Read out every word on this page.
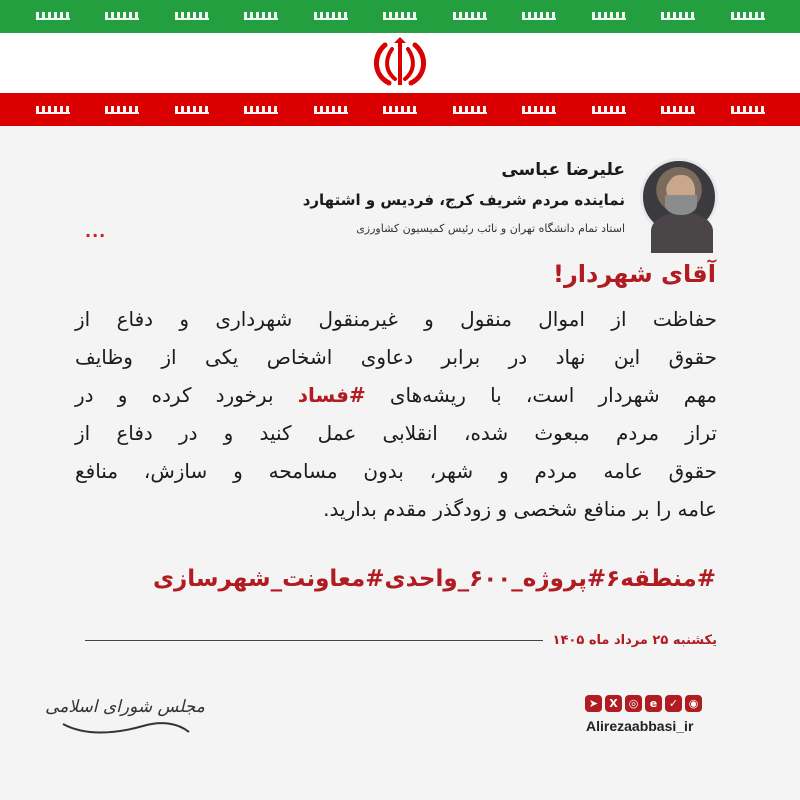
علیرضا عباسی
نماینده مردم شریف کرج، فردیس و اشتهارد
استاد تمام دانشگاه تهران و نائب رئیس کمیسیون کشاورزی
...
آقای شهردار!
حفاظت از اموال منقول و غیرمنقول شهرداری و دفاع از
حقوق این نهاد در برابر دعاوی اشخاص یکی از وظایف
مهم شهردار است، با ریشه‌های #فساد برخورد کرده و در
تراز مردم مبعوث شده، انقلابی عمل کنید و در دفاع از
حقوق عامه مردم و شهر، بدون مسامحه و سازش، منافع
عامه را بر منافع شخصی و زودگذر مقدم بدارید.
#منطقه۶#پروژه_۶۰۰_واحدی#معاونت_شهرسازی
یکشنبه ۲۵ مرداد ماه ۱۴۰۵
مجلس شورای اسلامی	➤	X ◎	e	✓ ◉
Alirezaabbasi_ir
